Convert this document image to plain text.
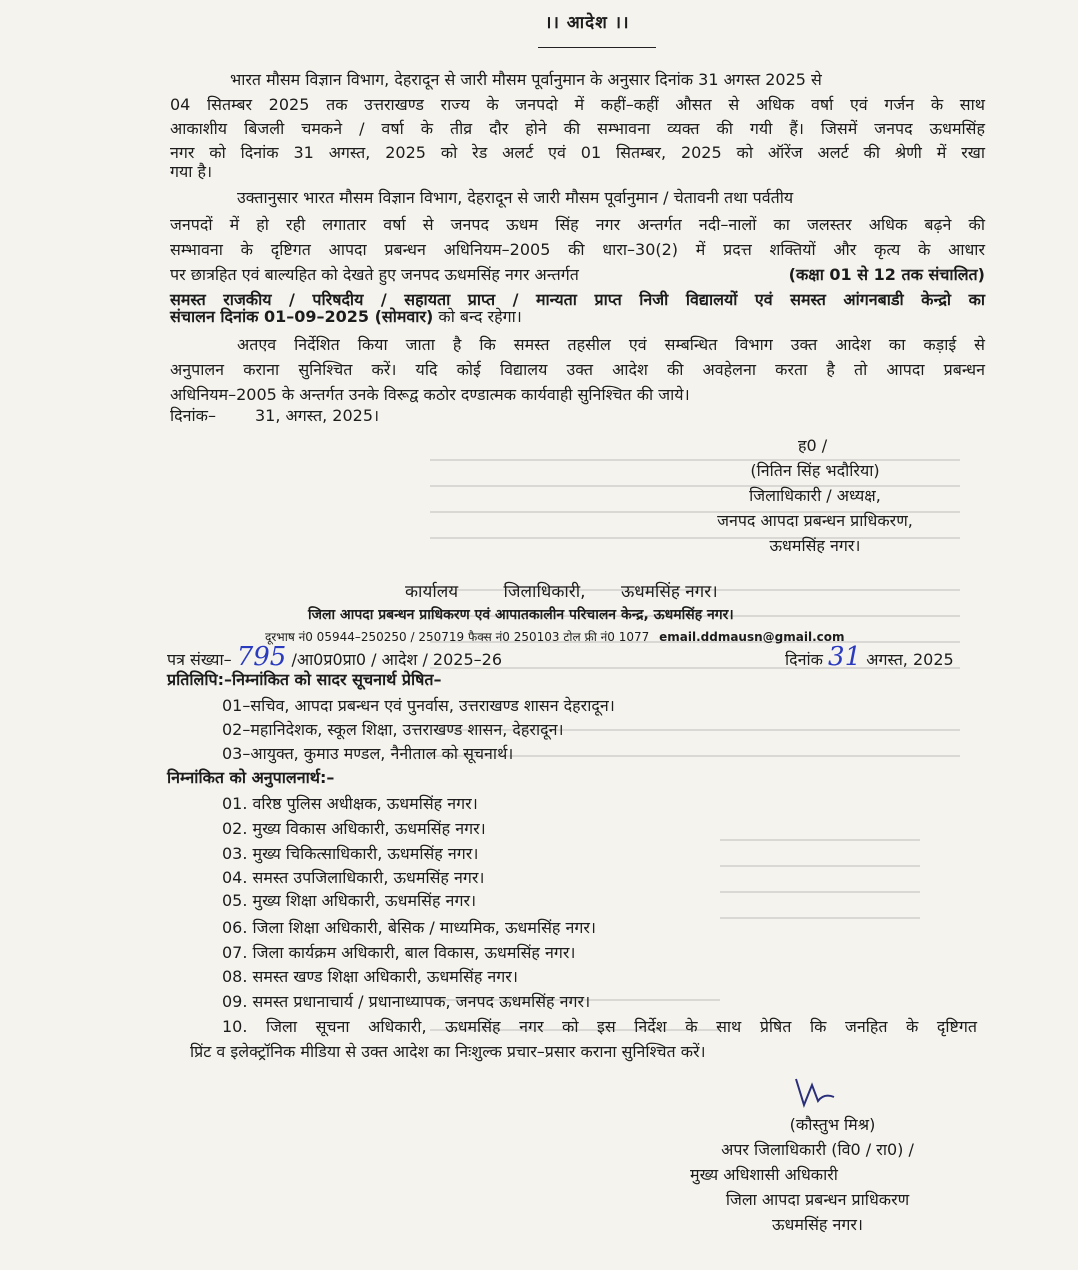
।। आदेश ।।
भारत मौसम विज्ञान विभाग, देहरादून से जारी मौसम पूर्वानुमान के अनुसार दिनांक 31 अगस्त 2025 से
04 सितम्बर 2025 तक उत्तराखण्ड राज्य के जनपदो में कहीं–कहीं औसत से अधिक वर्षा एवं गर्जन के साथ
आकाशीय बिजली चमकने / वर्षा के तीव्र दौर होने की सम्भावना व्यक्त की गयी हैं। जिसमें जनपद ऊधमसिंह
नगर को दिनांक 31 अगस्त, 2025 को रेड अलर्ट एवं 01 सितम्बर, 2025 को ऑरेंज अलर्ट की श्रेणी में रखा
गया है।
उक्तानुसार भारत मौसम विज्ञान विभाग, देहरादून से जारी मौसम पूर्वानुमान / चेतावनी तथा पर्वतीय
जनपदों में हो रही लगातार वर्षा से जनपद ऊधम सिंह नगर अन्तर्गत नदी–नालों का जलस्तर अधिक बढ़ने की
सम्भावना के दृष्टिगत आपदा प्रबन्धन अधिनियम–2005 की धारा–30(2) में प्रदत्त शक्तियों और कृत्य के आधार
पर छात्रहित एवं बाल्यहित को देखते हुए जनपद ऊधमसिंह नगर अन्तर्गत	(कक्षा 01 से 12 तक संचालित)
समस्त राजकीय / परिषदीय / सहायता प्राप्त / मान्यता प्राप्त निजी विद्यालयों एवं समस्त आंगनबाडी केन्द्रो का
संचालन दिनांक 01–09–2025 (सोमवार) को बन्द रहेगा।
अतएव निर्देशित किया जाता है कि समस्त तहसील एवं सम्बन्धित विभाग उक्त आदेश का कड़ाई से
अनुपालन कराना सुनिश्चित करें। यदि कोई विद्यालय उक्त आदेश की अवहेलना करता है तो आपदा प्रबन्धन
अधिनियम–2005 के अन्तर्गत उनके विरूद्व कठोर दण्डात्मक कार्यवाही सुनिश्चित की जाये।
दिनांक– 31, अगस्त, 2025।
ह0 /
(नितिन सिंह भदौरिया)
जिलाधिकारी / अध्यक्ष,
जनपद आपदा प्रबन्धन प्राधिकरण,
ऊधमसिंह नगर।
कार्यालय	जिलाधिकारी, ऊधमसिंह नगर।
जिला आपदा प्रबन्धन प्राधिकरण एवं आपातकालीन परिचालन केन्द्र, ऊधमसिंह नगर।
दूरभाष नं0 05944–250250 / 250719 फैक्स नं0 250103 टोल फ्री नं0 1077 email.ddmausn@gmail.com
पत्र संख्या– 795 /आ0प्र0प्रा0 / आदेश / 2025–26	दिनांक 31 अगस्त, 2025
प्रतिलिपि:–निम्नांकित को सादर सूचनार्थ प्रेषित–
01–सचिव, आपदा प्रबन्धन एवं पुनर्वास, उत्तराखण्ड शासन देहरादून।
02–महानिदेशक, स्कूल शिक्षा, उत्तराखण्ड शासन, देहरादून।
03–आयुक्त, कुमाउ मण्डल, नैनीताल को सूचनार्थ।
निम्नांकित को अनुपालनार्थ:–
01. वरिष्ठ पुलिस अधीक्षक, ऊधमसिंह नगर।
02. मुख्य विकास अधिकारी, ऊधमसिंह नगर।
03. मुख्य चिकित्साधिकारी, ऊधमसिंह नगर।
04. समस्त उपजिलाधिकारी, ऊधमसिंह नगर।
05. मुख्य शिक्षा अधिकारी, ऊधमसिंह नगर।
06. जिला शिक्षा अधिकारी, बेसिक / माध्यमिक, ऊधमसिंह नगर।
07. जिला कार्यक्रम अधिकारी, बाल विकास, ऊधमसिंह नगर।
08. समस्त खण्ड शिक्षा अधिकारी, ऊधमसिंह नगर।
09. समस्त प्रधानाचार्य / प्रधानाध्यापक, जनपद ऊधमसिंह नगर।
10. जिला सूचना अधिकारी, ऊधमसिंह नगर को इस निर्देश के साथ प्रेषित कि जनहित के दृष्टिगत
प्रिंट व इलेक्ट्रॉनिक मीडिया से उक्त आदेश का निःशुल्क प्रचार–प्रसार कराना सुनिश्चित करें।
(कौस्तुभ मिश्र)
अपर जिलाधिकारी (वि0 / रा0) /
मुख्य अधिशासी अधिकारी
जिला आपदा प्रबन्धन प्राधिकरण
ऊधमसिंह नगर।
